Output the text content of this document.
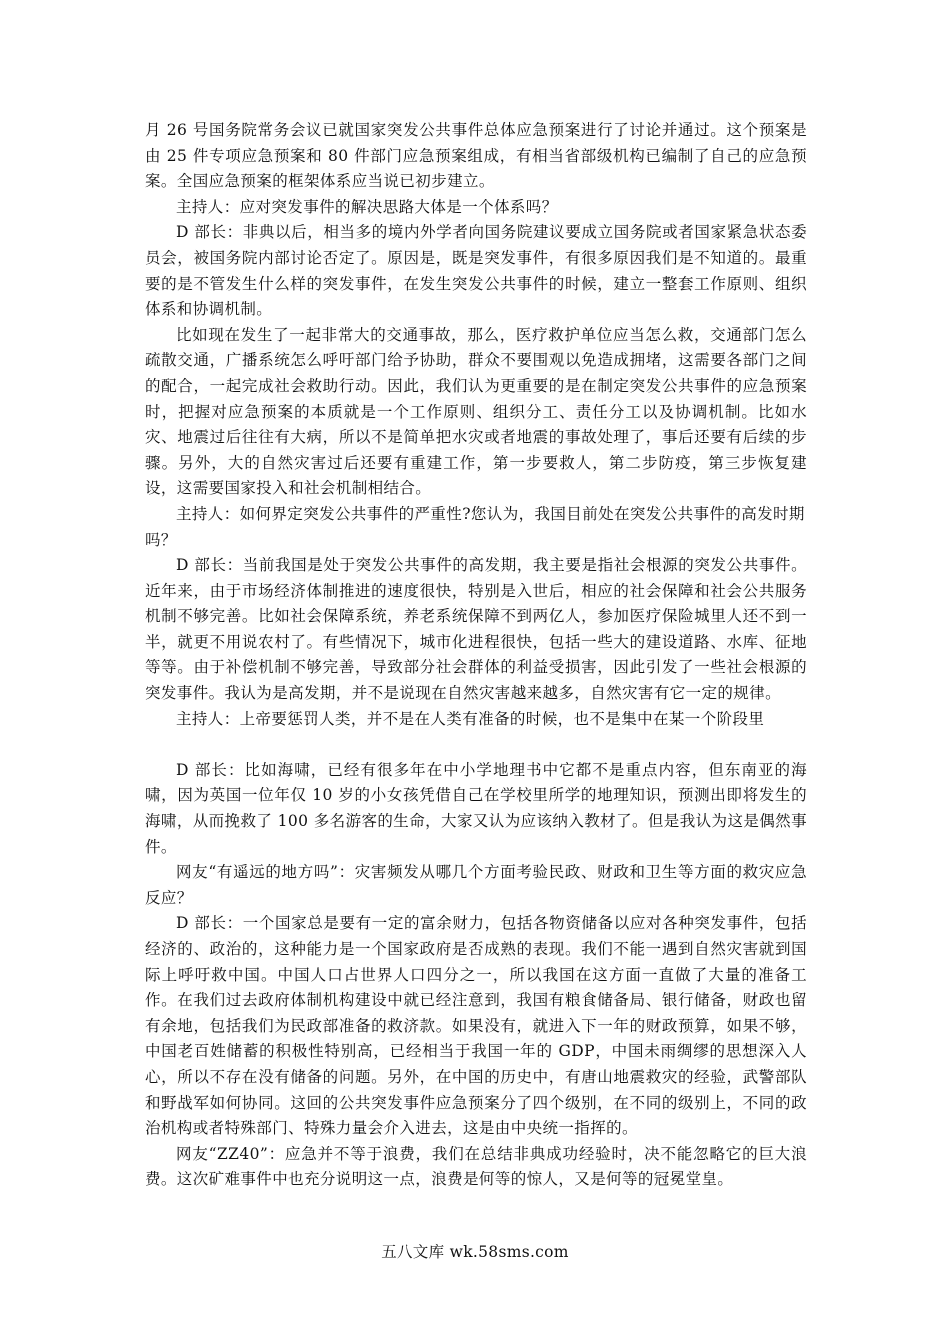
月 26 号国务院常务会议已就国家突发公共事件总体应急预案进行了讨论并通过。这个预案是由 25 件专项应急预案和 80 件部门应急预案组成，有相当省部级机构已编制了自己的应急预案。全国应急预案的框架体系应当说已初步建立。

主持人：应对突发事件的解决思路大体是一个体系吗？

D 部长：非典以后，相当多的境内外学者向国务院建议要成立国务院或者国家紧急状态委员会，被国务院内部讨论否定了。原因是，既是突发事件，有很多原因我们是不知道的。最重要的是不管发生什么样的突发事件，在发生突发公共事件的时候，建立一整套工作原则、组织体系和协调机制。

比如现在发生了一起非常大的交通事故，那么，医疗救护单位应当怎么救，交通部门怎么疏散交通，广播系统怎么呼吁部门给予协助，群众不要围观以免造成拥堵，这需要各部门之间的配合，一起完成社会救助行动。因此，我们认为更重要的是在制定突发公共事件的应急预案时，把握对应急预案的本质就是一个工作原则、组织分工、责任分工以及协调机制。比如水灾、地震过后往往有大病，所以不是简单把水灾或者地震的事故处理了，事后还要有后续的步骤。另外，大的自然灾害过后还要有重建工作，第一步要救人，第二步防疫，第三步恢复建设，这需要国家投入和社会机制相结合。

主持人：如何界定突发公共事件的严重性?您认为，我国目前处在突发公共事件的高发时期吗？

D 部长：当前我国是处于突发公共事件的高发期，我主要是指社会根源的突发公共事件。近年来，由于市场经济体制推进的速度很快，特别是入世后，相应的社会保障和社会公共服务机制不够完善。比如社会保障系统，养老系统保障不到两亿人，参加医疗保险城里人还不到一半，就更不用说农村了。有些情况下，城市化进程很快，包括一些大的建设道路、水库、征地等等。由于补偿机制不够完善，导致部分社会群体的利益受损害，因此引发了一些社会根源的突发事件。我认为是高发期，并不是说现在自然灾害越来越多，自然灾害有它一定的规律。

主持人：上帝要惩罚人类，并不是在人类有准备的时候，也不是集中在某一个阶段里

D 部长：比如海啸，已经有很多年在中小学地理书中它都不是重点内容，但东南亚的海啸，因为英国一位年仅 10 岁的小女孩凭借自己在学校里所学的地理知识，预测出即将发生的海啸，从而挽救了 100 多名游客的生命，大家又认为应该纳入教材了。但是我认为这是偶然事件。

网友“有遥远的地方吗”：灾害频发从哪几个方面考验民政、财政和卫生等方面的救灾应急反应？

D 部长：一个国家总是要有一定的富余财力，包括各物资储备以应对各种突发事件，包括经济的、政治的，这种能力是一个国家政府是否成熟的表现。我们不能一遇到自然灾害就到国际上呼吁救中国。中国人口占世界人口四分之一，所以我国在这方面一直做了大量的准备工作。在我们过去政府体制机构建设中就已经注意到，我国有粮食储备局、银行储备，财政也留有余地，包括我们为民政部准备的救济款。如果没有，就进入下一年的财政预算，如果不够，中国老百姓储蓄的积极性特别高，已经相当于我国一年的 GDP，中国未雨绸缪的思想深入人心，所以不存在没有储备的问题。另外，在中国的历史中，有唐山地震救灾的经验，武警部队和野战军如何协同。这回的公共突发事件应急预案分了四个级别，在不同的级别上，不同的政治机构或者特殊部门、特殊力量会介入进去，这是由中央统一指挥的。

网友“ZZ40”：应急并不等于浪费，我们在总结非典成功经验时，决不能忽略它的巨大浪费。这次矿难事件中也充分说明这一点，浪费是何等的惊人，又是何等的冠冕堂皇。

五八文库 wk.58sms.com
